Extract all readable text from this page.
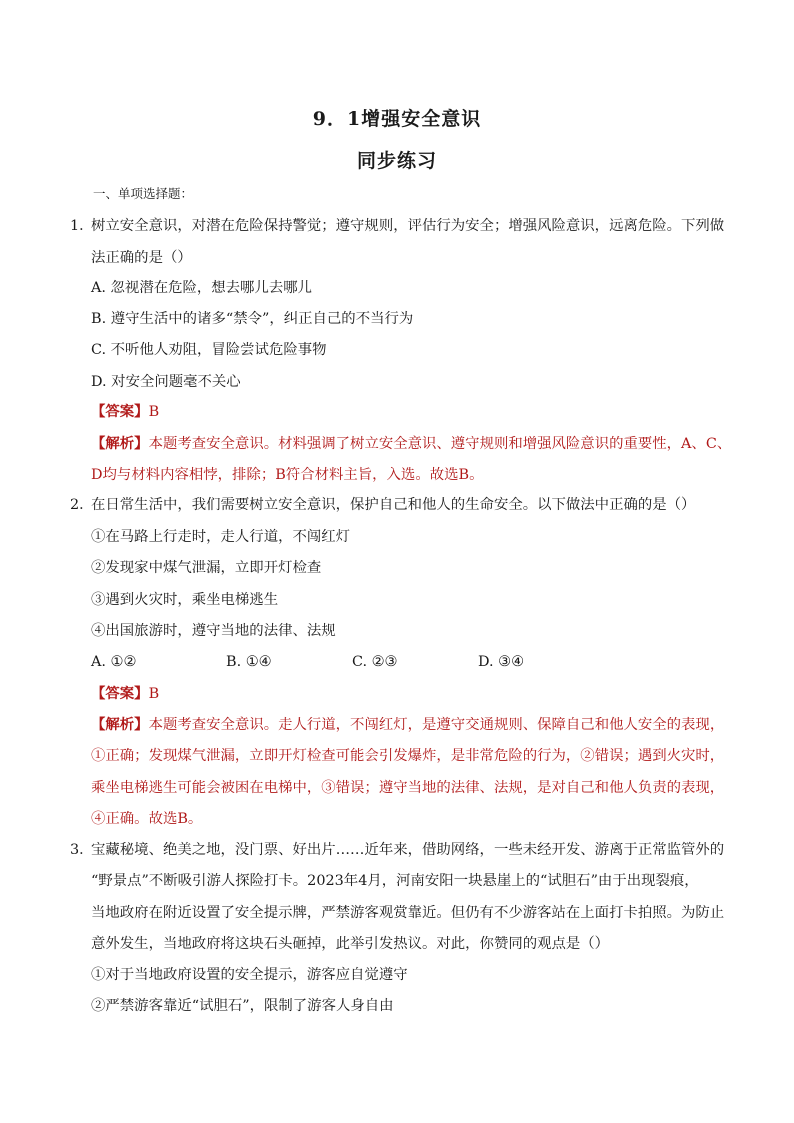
9．1增强安全意识
同步练习
一、单项选择题：
1．
树立安全意识，对潜在危险保持警觉；遵守规则，评估行为安全；增强风险意识，远离危险。下列做
法正确的是（）
A. 忽视潜在危险，想去哪儿去哪儿
B. 遵守生活中的诸多“禁令”，纠正自己的不当行为
C. 不听他人劝阻，冒险尝试危险事物
D. 对安全问题毫不关心
【答案】B
【解析】本题考查安全意识。材料强调了树立安全意识、遵守规则和增强风险意识的重要性，A、C、
D均与材料内容相悖，排除；B符合材料主旨，入选。故选B。
2．
在日常生活中，我们需要树立安全意识，保护自己和他人的生命安全。以下做法中正确的是（）
①在马路上行走时，走人行道，不闯红灯
②发现家中煤气泄漏，立即开灯检查
③遇到火灾时，乘坐电梯逃生
④出国旅游时，遵守当地的法律、法规
A. ①②	B. ①④	C. ②③	D. ③④
【答案】B
【解析】本题考查安全意识。走人行道，不闯红灯，是遵守交通规则、保障自己和他人安全的表现，
①正确；发现煤气泄漏，立即开灯检查可能会引发爆炸，是非常危险的行为，②错误；遇到火灾时，
乘坐电梯逃生可能会被困在电梯中，③错误；遵守当地的法律、法规，是对自己和他人负责的表现，
④正确。故选B。
3．
宝藏秘境、绝美之地，没门票、好出片……近年来，借助网络，一些未经开发、游离于正常监管外的
“野景点”不断吸引游人探险打卡。2023年4月，河南安阳一块悬崖上的“试胆石”由于出现裂痕，
当地政府在附近设置了安全提示牌，严禁游客观赏靠近。但仍有不少游客站在上面打卡拍照。为防止
意外发生，当地政府将这块石头砸掉，此举引发热议。对此，你赞同的观点是（）
①对于当地政府设置的安全提示，游客应自觉遵守
②严禁游客靠近“试胆石”，限制了游客人身自由
